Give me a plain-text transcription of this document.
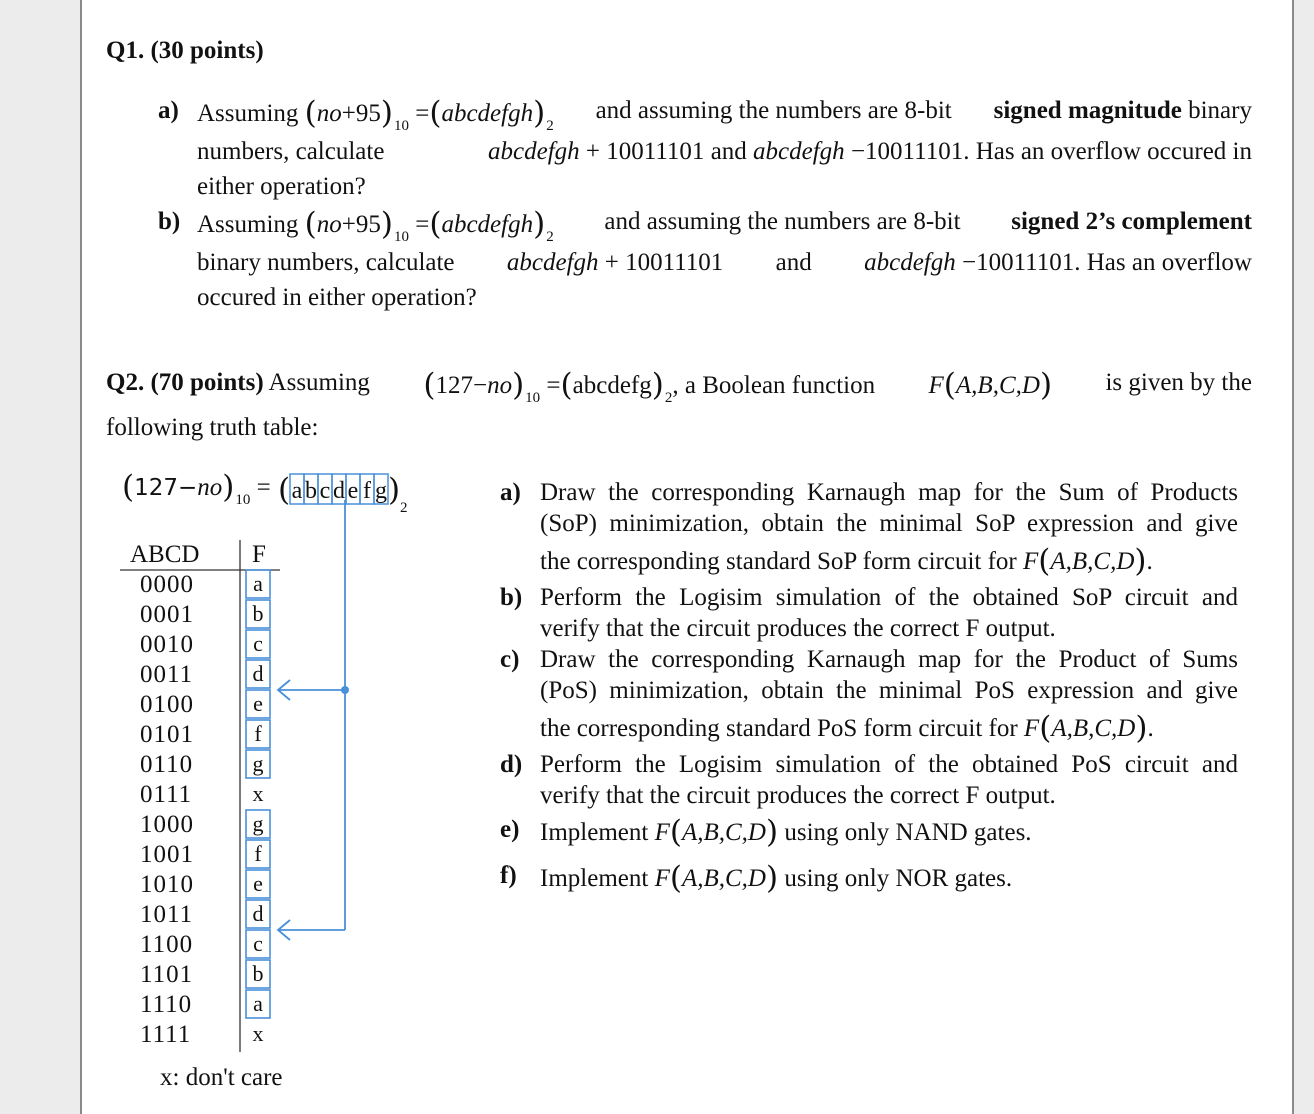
Q1. (30 points)
a) Assuming $(no+95)_{10}$ $=(abcdefgh)_2$
and assuming the numbers are 8-bit signed magnitude binary
numbers, calculate	abcdefgh + 10011101 and abcdefgh −10011101. Has an overflow occured in
either operation?
b) Assuming $(no+95)_{10}$ $=(abcdefgh)_2$
and assuming the numbers are 8-bit signed 2’s complement
binary numbers, calculate abcdefgh + 10011101 and abcdefgh −10011101. Has an overflow
occured in either operation?
Q2. (70 points) Assuming $(127-no)_{10}$ $=(abcdefg)_2$, a Boolean function F(A,B,C,D) is given by the
following truth table:
$(127-no)_{10}$ = ( a b c d e f g ) 2
ABCD F
0000	a
0001	b
0010	c
0011	d
0100	e
0101	f
0110	g
0111	x
1000	g
1001	f
1010	e
1011	d
1100	c
1101	b
1110	a
1111	x
x: don't care
a) Draw the corresponding Karnaugh map for the Sum of Products
(SoP) minimization, obtain the minimal SoP expression and give
the corresponding standard SoP form circuit for F(A,B,C,D).
b) Perform the Logisim simulation of the obtained SoP circuit and
verify that the circuit produces the correct F output.
c) Draw the corresponding Karnaugh map for the Product of Sums
(PoS) minimization, obtain the minimal PoS expression and give
the corresponding standard PoS form circuit for F(A,B,C,D).
d) Perform the Logisim simulation of the obtained PoS circuit and
verify that the circuit produces the correct F output.
e) Implement F(A,B,C,D) using only NAND gates.
f) Implement F(A,B,C,D) using only NOR gates.
